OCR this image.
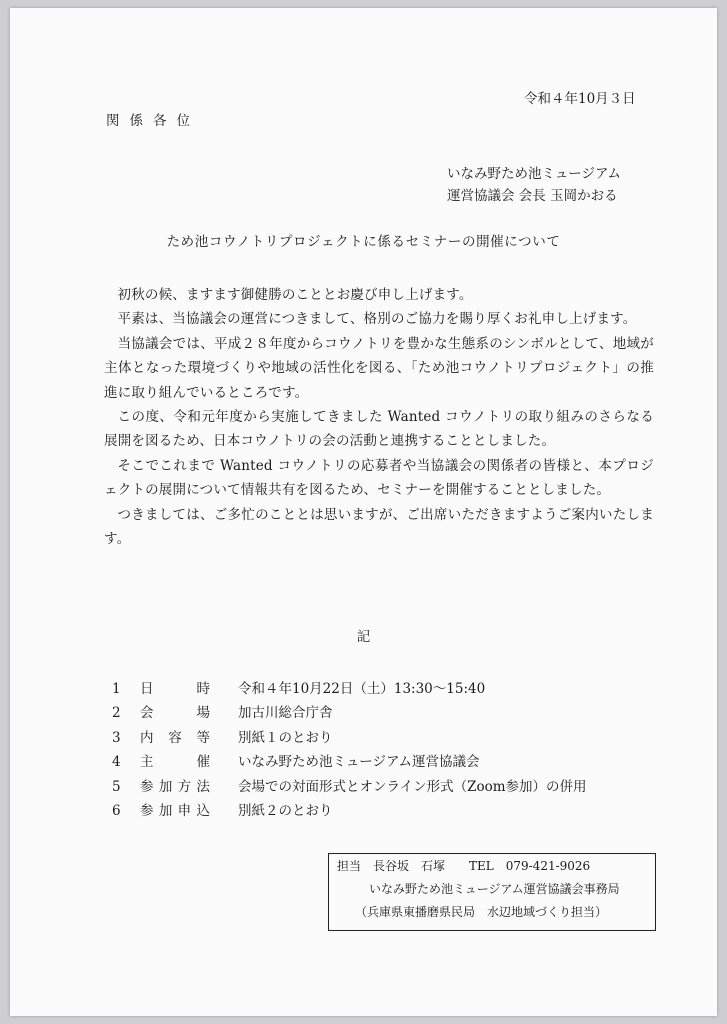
令和４年10月３日
関係各位
いなみ野ため池ミュージアム
運営協議会 会長 玉岡かおる
ため池コウノトリプロジェクトに係るセミナーの開催について

初秋の候、ますます御健勝のこととお慶び申し上げます。

平素は、当協議会の運営につきまして、格別のご協力を賜り厚くお礼申し上げます。

当協議会では、平成２８年度からコウノトリを豊かな生態系のシンボルとして、地域が主体となった環境づくりや地域の活性化を図る、「ため池コウノトリプロジェクト」の推進に取り組んでいるところです。

この度、令和元年度から実施してきました Wanted コウノトリの取り組みのさらなる展開を図るため、日本コウノトリの会の活動と連携することとしました。

そこでこれまで Wanted コウノトリの応募者や当協議会の関係者の皆様と、本プロジェクトの展開について情報共有を図るため、セミナーを開催することとしました。

つきましては、ご多忙のこととは思いますが、ご出席いただきますようご案内いたします。

記
1 日時 令和４年10月22日（土）13:30～15:40
2 会場 加古川総合庁舎
3 内容等 別紙１のとおり
4 主催 いなみ野ため池ミュージアム運営協議会
5 参加方法 会場での対面形式とオンライン形式（Zoom参加）の併用
6 参加申込 別紙２のとおり
担当　長谷坂　石塚　　TEL　079-421-9026
いなみ野ため池ミュージアム運営協議会事務局
（兵庫県東播磨県民局　水辺地域づくり担当）
